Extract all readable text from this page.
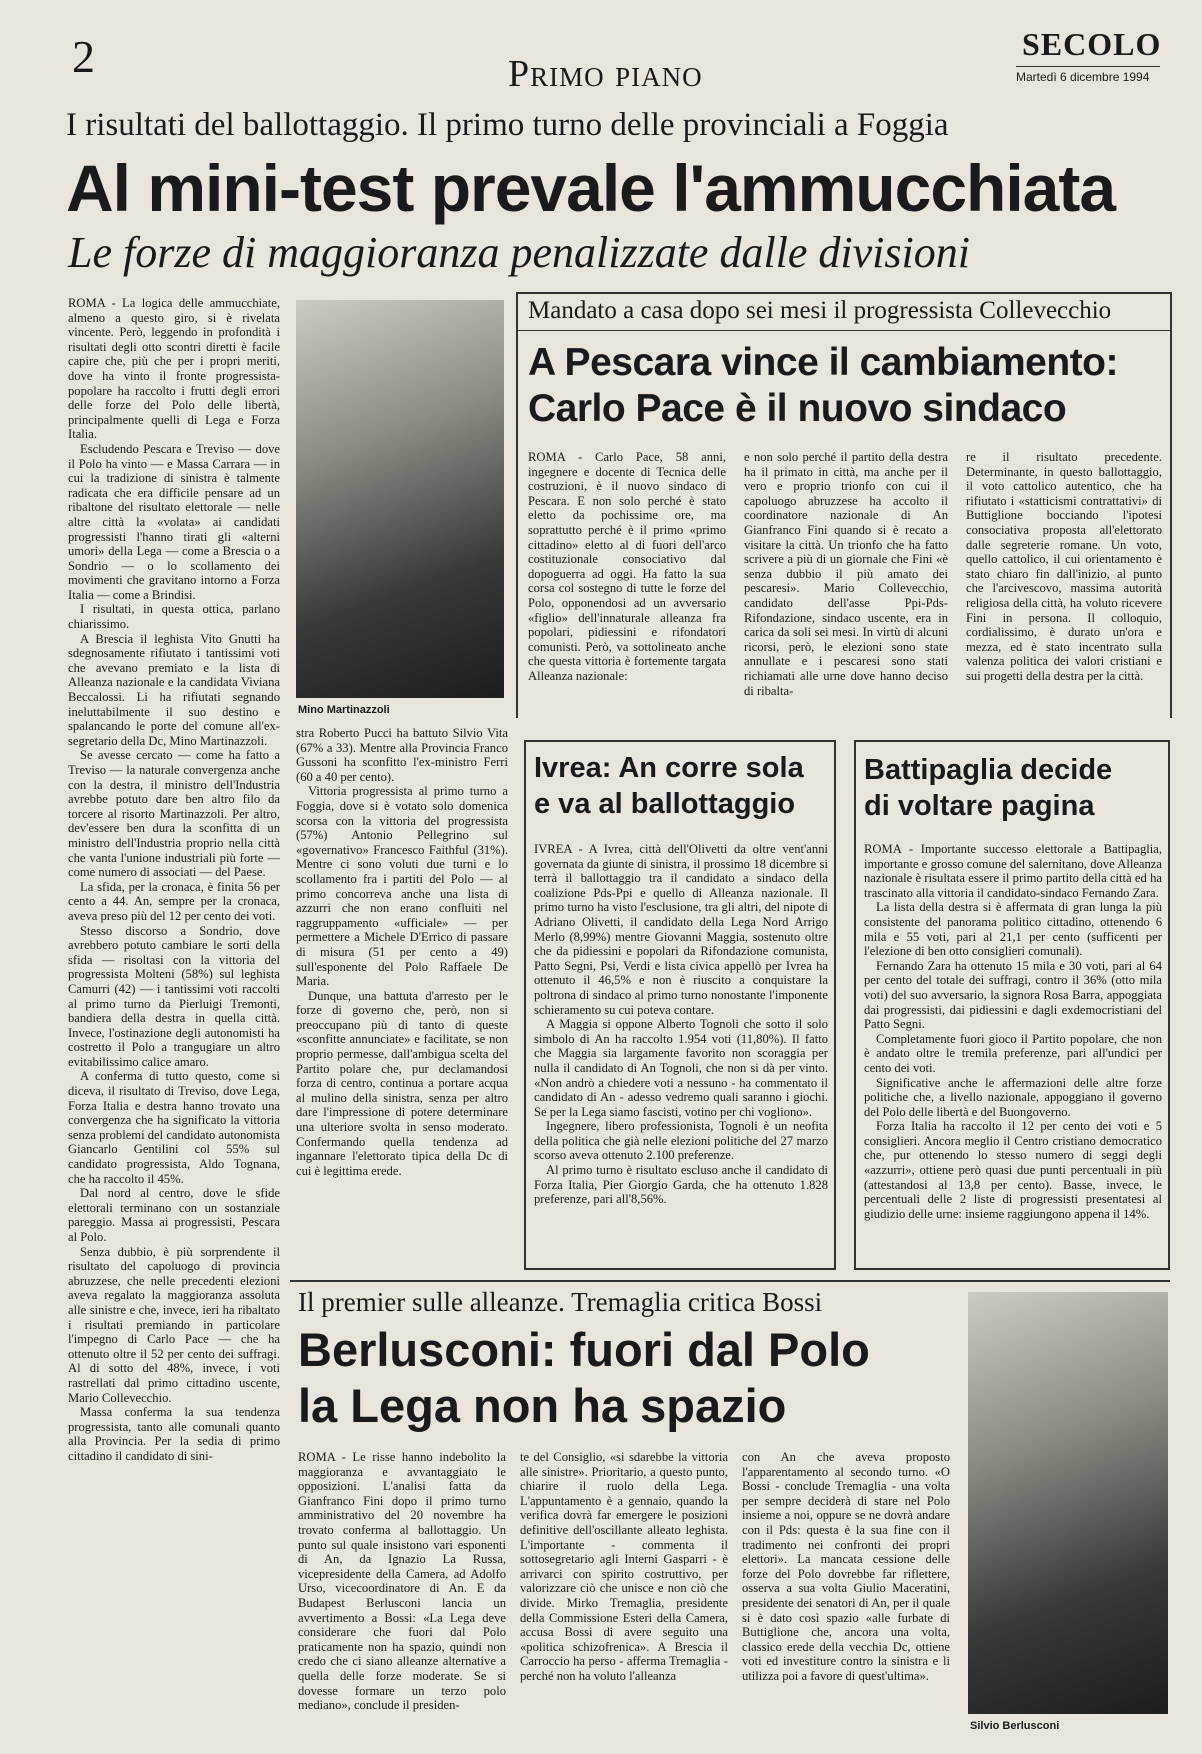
2	Primo piano
SECOLO
Martedì 6 dicembre 1994
I risultati del ballottaggio. Il primo turno delle provinciali a Foggia
Al mini-test prevale l'ammucchiata
Le forze di maggioranza penalizzate dalle divisioni

ROMA - La logica delle ammucchiate, almeno a questo giro, si è rivelata vincente. Però, leggendo in profondità i risultati degli otto scontri diretti è facile capire che, più che per i propri meriti, dove ha vinto il fronte progressista-popolare ha raccolto i frutti degli errori delle forze del Polo delle libertà, principalmente quelli di Lega e Forza Italia.

Escludendo Pescara e Treviso — dove il Polo ha vinto — e Massa Carrara — in cui la tradizione di sinistra è talmente radicata che era difficile pensare ad un ribaltone del risultato elettorale — nelle altre città la «volata» ai candidati progressisti l'hanno tirati gli «alterni umori» della Lega — come a Brescia o a Sondrio — o lo scollamento dei movimenti che gravitano intorno a Forza Italia — come a Brindisi.

I risultati, in questa ottica, parlano chiarissimo.

A Brescia il leghista Vito Gnutti ha sdegnosamente rifiutato i tantissimi voti che avevano premiato e la lista di Alleanza nazionale e la candidata Viviana Beccalossi. Li ha rifiutati segnando ineluttabilmente il suo destino e spalancando le porte del comune all'ex-segretario della Dc, Mino Martinazzoli.

Se avesse cercato — come ha fatto a Treviso — la naturale convergenza anche con la destra, il ministro dell'Industria avrebbe potuto dare ben altro filo da torcere al risorto Martinazzoli. Per altro, dev'essere ben dura la sconfitta di un ministro dell'Industria proprio nella città che vanta l'unione industriali più forte — come numero di associati — del Paese.

La sfida, per la cronaca, è finita 56 per cento a 44. An, sempre per la cronaca, aveva preso più del 12 per cento dei voti.

Stesso discorso a Sondrio, dove avrebbero potuto cambiare le sorti della sfida — risoltasi con la vittoria del progressista Molteni (58%) sul leghista Camurri (42) — i tantissimi voti raccolti al primo turno da Pierluigi Tremonti, bandiera della destra in quella città. Invece, l'ostinazione degli autonomisti ha costretto il Polo a trangugiare un altro evitabilissimo calice amaro.

A conferma di tutto questo, come si diceva, il risultato di Treviso, dove Lega, Forza Italia e destra hanno trovato una convergenza che ha significato la vittoria senza problemi del candidato autonomista Giancarlo Gentilini col 55% sul candidato progressista, Aldo Tognana, che ha raccolto il 45%.

Dal nord al centro, dove le sfide elettorali terminano con un sostanziale pareggio. Massa ai progressisti, Pescara al Polo.

Senza dubbio, è più sorprendente il risultato del capoluogo di provincia abruzzese, che nelle precedenti elezioni aveva regalato la maggioranza assoluta alle sinistre e che, invece, ieri ha ribaltato i risultati premiando in particolare l'impegno di Carlo Pace — che ha ottenuto oltre il 52 per cento dei suffragi. Al di sotto del 48%, invece, i voti rastrellati dal primo cittadino uscente, Mario Collevecchio.

Massa conferma la sua tendenza progressista, tanto alle comunali quanto alla Provincia. Per la sedia di primo cittadino il candidato di sini-

Mino Martinazzoli

stra Roberto Pucci ha battuto Silvio Vita (67% a 33). Mentre alla Provincia Franco Gussoni ha sconfitto l'ex-ministro Ferri (60 a 40 per cento).

Vittoria progressista al primo turno a Foggia, dove si è votato solo domenica scorsa con la vittoria del progressista (57%) Antonio Pellegrino sul «governativo» Francesco Faithful (31%). Mentre ci sono voluti due turni e lo scollamento fra i partiti del Polo — al primo concorreva anche una lista di azzurri che non erano confluiti nel raggruppamento «ufficiale» — per permettere a Michele D'Errico di passare di misura (51 per cento a 49) sull'esponente del Polo Raffaele De Maria.

Dunque, una battuta d'arresto per le forze di governo che, però, non si preoccupano più di tanto di queste «sconfitte annunciate» e facilitate, se non proprio permesse, dall'ambigua scelta del Partito polare che, pur declamandosi forza di centro, continua a portare acqua al mulino della sinistra, senza per altro dare l'impressione di potere determinare una ulteriore svolta in senso moderato. Confermando quella tendenza ad ingannare l'elettorato tipica della Dc di cui è legittima erede.

Mandato a casa dopo sei mesi il progressista Collevecchio
A Pescara vince il cambiamento:
Carlo Pace è il nuovo sindaco

ROMA - Carlo Pace, 58 anni, ingegnere e docente di Tecnica delle costruzioni, è il nuovo sindaco di Pescara. E non solo perché è stato eletto da pochissime ore, ma soprattutto perché è il primo «primo cittadino» eletto al di fuori dell'arco costituzionale consociativo dal dopoguerra ad oggi. Ha fatto la sua corsa col sostegno di tutte le forze del Polo, opponendosi ad un avversario «figlio» dell'innaturale alleanza fra popolari, pidiessini e rifondatori comunisti. Però, va sottolineato anche che questa vittoria è fortemente targata Alleanza nazionale:

e non solo perché il partito della destra ha il primato in città, ma anche per il vero e proprio trionfo con cui il capoluogo abruzzese ha accolto il coordinatore nazionale di An Gianfranco Fini quando si è recato a visitare la città. Un trionfo che ha fatto scrivere a più di un giornale che Fini «è senza dubbio il più amato dei pescaresi». Mario Collevecchio, candidato dell'asse Ppi-Pds-Rifondazione, sindaco uscente, era in carica da soli sei mesi. In virtù di alcuni ricorsi, però, le elezioni sono state annullate e i pescaresi sono stati richiamati alle urne dove hanno deciso di ribalta-

re il risultato precedente. Determinante, in questo ballottaggio, il voto cattolico autentico, che ha rifiutato i «statticismi contrattativi» di Buttiglione bocciando l'ipotesi consociativa proposta all'elettorato dalle segreterie romane. Un voto, quello cattolico, il cui orientamento è stato chiaro fin dall'inizio, al punto che l'arcivescovo, massima autorità religiosa della città, ha voluto ricevere Fini in persona. Il colloquio, cordialissimo, è durato un'ora e mezza, ed è stato incentrato sulla valenza politica dei valori cristiani e sui progetti della destra per la città.

Ivrea: An corre sola
e va al ballottaggio

IVREA - A Ivrea, città dell'Olivetti da oltre vent'anni governata da giunte di sinistra, il prossimo 18 dicembre si terrà il ballottaggio tra il candidato a sindaco della coalizione Pds-Ppi e quello di Alleanza nazionale. Il primo turno ha visto l'esclusione, tra gli altri, del nipote di Adriano Olivetti, il candidato della Lega Nord Arrigo Merlo (8,99%) mentre Giovanni Maggia, sostenuto oltre che da pidiessini e popolari da Rifondazione comunista, Patto Segni, Psi, Verdi e lista civica appellò per Ivrea ha ottenuto il 46,5% e non è riuscito a conquistare la poltrona di sindaco al primo turno nonostante l'imponente schieramento su cui poteva contare.

A Maggia si oppone Alberto Tognoli che sotto il solo simbolo di An ha raccolto 1.954 voti (11,80%). Il fatto che Maggia sia largamente favorito non scoraggia per nulla il candidato di An Tognoli, che non si dà per vinto. «Non andrò a chiedere voti a nessuno - ha commentato il candidato di An - adesso vedremo quali saranno i giochi. Se per la Lega siamo fascisti, votino per chi vogliono».

Ingegnere, libero professionista, Tognoli è un neofita della politica che già nelle elezioni politiche del 27 marzo scorso aveva ottenuto 2.100 preferenze.

Al primo turno è risultato escluso anche il candidato di Forza Italia, Pier Giorgio Garda, che ha ottenuto 1.828 preferenze, pari all'8,56%.

Battipaglia decide
di voltare pagina

ROMA - Importante successo elettorale a Battipaglia, importante e grosso comune del salernitano, dove Alleanza nazionale è risultata essere il primo partito della città ed ha trascinato alla vittoria il candidato-sindaco Fernando Zara.

La lista della destra si è affermata di gran lunga la più consistente del panorama politico cittadino, ottenendo 6 mila e 55 voti, pari al 21,1 per cento (sufficenti per l'elezione di ben otto consiglieri comunali).

Fernando Zara ha ottenuto 15 mila e 30 voti, pari al 64 per cento del totale dei suffragi, contro il 36% (otto mila voti) del suo avversario, la signora Rosa Barra, appoggiata dai progressisti, dai pidiessini e dagli exdemocristiani del Patto Segni.

Completamente fuori gioco il Partito popolare, che non è andato oltre le tremila preferenze, pari all'undici per cento dei voti.

Significative anche le affermazioni delle altre forze politiche che, a livello nazionale, appoggiano il governo del Polo delle libertà e del Buongoverno.

Forza Italia ha raccolto il 12 per cento dei voti e 5 consiglieri. Ancora meglio il Centro cristiano democratico che, pur ottenendo lo stesso numero di seggi degli «azzurri», ottiene però quasi due punti percentuali in più (attestandosi al 13,8 per cento). Basse, invece, le percentuali delle 2 liste di progressisti presentatesi al giudizio delle urne: insieme raggiungono appena il 14%.

Il premier sulle alleanze. Tremaglia critica Bossi
Berlusconi: fuori dal Polo
la Lega non ha spazio

ROMA - Le risse hanno indebolito la maggioranza e avvantaggiato le opposizioni. L'analisi fatta da Gianfranco Fini dopo il primo turno amministrativo del 20 novembre ha trovato conferma al ballottaggio. Un punto sul quale insistono vari esponenti di An, da Ignazio La Russa, vicepresidente della Camera, ad Adolfo Urso, vicecoordinatore di An. E da Budapest Berlusconi lancia un avvertimento a Bossi: «La Lega deve considerare che fuori dal Polo praticamente non ha spazio, quindi non credo che ci siano alleanze alternative a quella delle forze moderate. Se si dovesse formare un terzo polo mediano», conclude il presiden-

te del Consiglio, «si sdarebbe la vittoria alle sinistre». Prioritario, a questo punto, chiarire il ruolo della Lega. L'appuntamento è a gennaio, quando la verifica dovrà far emergere le posizioni definitive dell'oscillante alleato leghista. L'importante - commenta il sottosegretario agli Interni Gasparri - è arrivarci con spirito costruttivo, per valorizzare ciò che unisce e non ciò che divide. Mirko Tremaglia, presidente della Commissione Esteri della Camera, accusa Bossi di avere seguito una «politica schizofrenica». A Brescia il Carroccio ha perso - afferma Tremaglia - perché non ha voluto l'alleanza

con An che aveva proposto l'apparentamento al secondo turno. «O Bossi - conclude Tremaglia - una volta per sempre deciderà di stare nel Polo insieme a noi, oppure se ne dovrà andare con il Pds: questa è la sua fine con il tradimento nei confronti dei propri elettori». La mancata cessione delle forze del Polo dovrebbe far riflettere, osserva a sua volta Giulio Maceratini, presidente dei senatori di An, per il quale si è dato così spazio «alle furbate di Buttiglione che, ancora una volta, classico erede della vecchia Dc, ottiene voti ed investiture contro la sinistra e li utilizza poi a favore di quest'ultima».

Silvio Berlusconi
